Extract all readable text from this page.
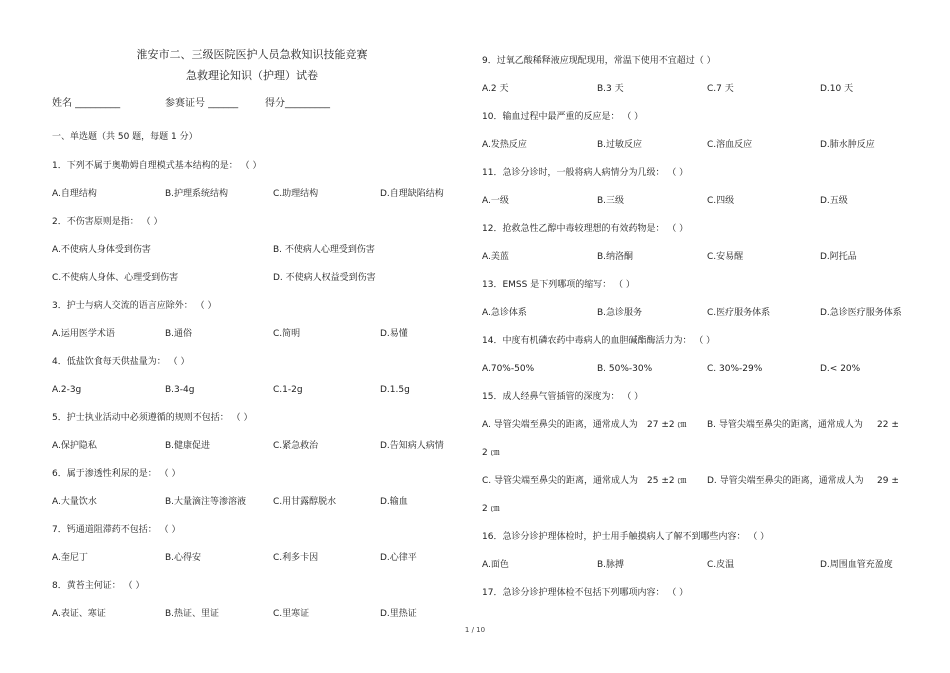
淮安市二、三级医院医护人员急救知识技能竞赛
急救理论知识（护理）试卷
姓名 _________	参赛证号 ______	得分_________
一、单选题（共 50 题，每题 1 分）
1．下列不属于奥勒姆自理模式基本结构的是： （ ）
A.自理结构	B.护理系统结构	C.助理结构	D.自理缺陷结构
2．不伤害原则是指： （ ）
A.不使病人身体受到伤害	B. 不使病人心理受到伤害
C.不使病人身体、心理受到伤害	D. 不使病人权益受到伤害
3．护士与病人交流的语言应除外： （ ）
A.运用医学术语	B.通俗	C.简明	D.易懂
4．低盐饮食每天供盐量为： （ ）
A.2-3g	B.3-4g	C.1-2g	D.1.5g
5．护士执业活动中必须遵循的规则不包括： （ ）
A.保护隐私	B.健康促进	C.紧急救治	D.告知病人病情
6．属于渗透性利尿的是： （ ）
A.大量饮水	B.大量滴注等渗溶液	C.用甘露醇脱水	D.输血
7．钙通道阻滞药不包括： （ ）
A.奎尼丁	B.心得安	C.利多卡因	D.心律平
8．黄苔主何证： （ ）
A.表证、寒证	B.热证、里证	C.里寒证	D.里热证
9．过氧乙酸稀释液应现配现用，常温下使用不宜超过（ ）
A.2 天	B.3 天	C.7 天	D.10 天
10．输血过程中最严重的反应是： （ ）
A.发热反应	B.过敏反应	C.溶血反应	D.肺水肿反应
11．急诊分诊时，一般将病人病情分为几级： （ ）
A.一级	B.三级	C.四级	D.五级
12．抢救急性乙醇中毒较理想的有效药物是： （ ）
A.美蓝	B.纳洛酮	C.安易醒	D.阿托品
13．EMSS 是下列哪项的缩写： （ ）
A.急诊体系	B.急诊服务	C.医疗服务体系	D.急诊医疗服务体系
14．中度有机磷农药中毒病人的血胆碱酯酶活力为： （ ）
A.70%-50%	B. 50%-30%	C. 30%-29%	D.< 20%
15．成人经鼻气管插管的深度为： （ ）
A. 导管尖端至鼻尖的距离，通常成人为 27 ±2 ㎝ B. 导管尖端至鼻尖的距离，通常成人为 22 ±
2 ㎝
C. 导管尖端至鼻尖的距离，通常成人为 25 ±2 ㎝ D. 导管尖端至鼻尖的距离，通常成人为 29 ±
2 ㎝
16．急诊分诊护理体检时，护士用手触摸病人了解不到哪些内容： （ ）
A.面色	B.脉搏	C.皮温	D.周围血管充盈度
17．急诊分诊护理体检不包括下列哪项内容： （ ）
1 / 10
